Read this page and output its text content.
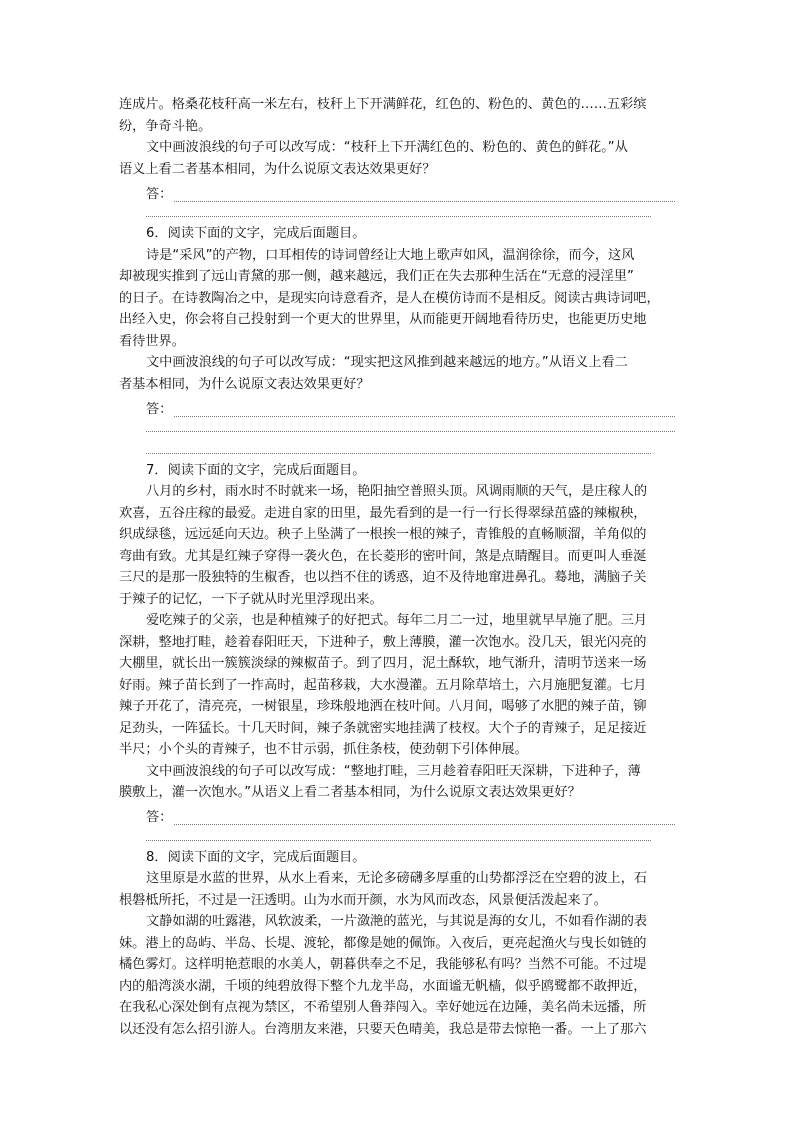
连成片。格桑花枝秆高一米左右，枝秆上下开满鲜花，红色的、粉色的、黄色的……五彩缤
纷，争奇斗艳。
文中画波浪线的句子可以改写成：“枝秆上下开满红色的、粉色的、黄色的鲜花。”从
语义上看二者基本相同，为什么说原文表达效果更好？
答：
6．阅读下面的文字，完成后面题目。
诗是“采风”的产物，口耳相传的诗词曾经让大地上歌声如风，温润徐徐，而今，这风
却被现实推到了远山青黛的那一侧，越来越远，我们正在失去那种生活在“无意的浸淫里”
的日子。在诗教陶冶之中，是现实向诗意看齐，是人在模仿诗而不是相反。阅读古典诗词吧，
出经入史，你会将自己投射到一个更大的世界里，从而能更开阔地看待历史，也能更历史地
看待世界。
文中画波浪线的句子可以改写成：“现实把这风推到越来越远的地方。”从语义上看二
者基本相同，为什么说原文表达效果更好？
答：
7．阅读下面的文字，完成后面题目。
八月的乡村，雨水时不时就来一场，艳阳抽空普照头顶。风调雨顺的天气，是庄稼人的
欢喜，五谷庄稼的最爱。走进自家的田里，最先看到的是一行一行长得翠绿茁盛的辣椒秧，
织成绿毯，远远延向天边。秧子上坠满了一根挨一根的辣子，青锥般的直畅顺溜，羊角似的
弯曲有致。尤其是红辣子穿得一袭火色，在长菱形的密叶间，煞是点睛醒目。而更叫人垂涎
三尺的是那一股独特的生椒香，也以挡不住的诱惑，迫不及待地窜进鼻孔。蓦地，满脑子关
于辣子的记忆，一下子就从时光里浮现出来。
爱吃辣子的父亲，也是种植辣子的好把式。每年二月二一过，地里就早早施了肥。三月
深耕，整地打畦，趁着春阳旺天，下进种子，敷上薄膜，灌一次饱水。没几天，银光闪亮的
大棚里，就长出一簇簇淡绿的辣椒苗子。到了四月，泥土酥软，地气渐升，清明节送来一场
好雨。辣子苗长到了一拃高时，起苗移栽，大水漫灌。五月除草培土，六月施肥复灌。七月
辣子开花了，清亮亮，一树银星，珍珠般地洒在枝叶间。八月间，喝够了水肥的辣子苗，铆
足劲头，一阵猛长。十几天时间，辣子条就密实地挂满了枝杈。大个子的青辣子，足足接近
半尺；小个头的青辣子，也不甘示弱，抓住条枝，使劲朝下引体伸展。
文中画波浪线的句子可以改写成：“整地打畦，三月趁着春阳旺天深耕，下进种子，薄
膜敷上，灌一次饱水。”从语义上看二者基本相同，为什么说原文表达效果更好？
答：
8．阅读下面的文字，完成后面题目。
这里原是水蓝的世界，从水上看来，无论多磅礴多厚重的山势都浮泛在空碧的波上，石
根磐柢所托，不过是一汪透明。山为水而开颜，水为风而改态，风景便活泼起来了。
文静如湖的吐露港，风软波柔，一片潋滟的蓝光，与其说是海的女儿，不如看作湖的表
妹。港上的岛屿、半岛、长堤、渡轮，都像是她的佩饰。入夜后，更亮起渔火与曳长如链的
橘色雾灯。这样明艳惹眼的水美人，朝暮供奉之不足，我能够私有吗？当然不可能。不过堤
内的船湾淡水湖，千顷的纯碧放得下整个九龙半岛，水面谧无帆樯，似乎鸥鹭都不敢押近，
在我私心深处倒有点视为禁区，不希望别人鲁莽闯入。幸好她远在边陲，美名尚未远播，所
以还没有怎么招引游人。台湾朋友来港，只要天色晴美，我总是带去惊艳一番。一上了那六
